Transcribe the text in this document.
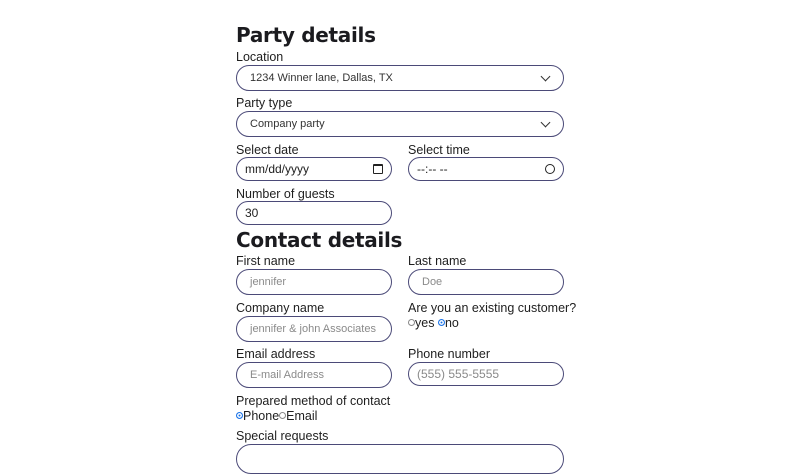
Party details
Location
1234 Winner lane, Dallas, TX
Party type
Company party
Select date
mm/dd/yyyy
Select time
--:-- --
Number of guests
30
Contact details
First name
jennifer
Last name
Doe
Company name
jennifer & john Associates
Are you an existing customer?
yes no
Email address
E-mail Address
Phone number
(555) 555-5555
Prepared method of contact
Phone Email
Special requests
